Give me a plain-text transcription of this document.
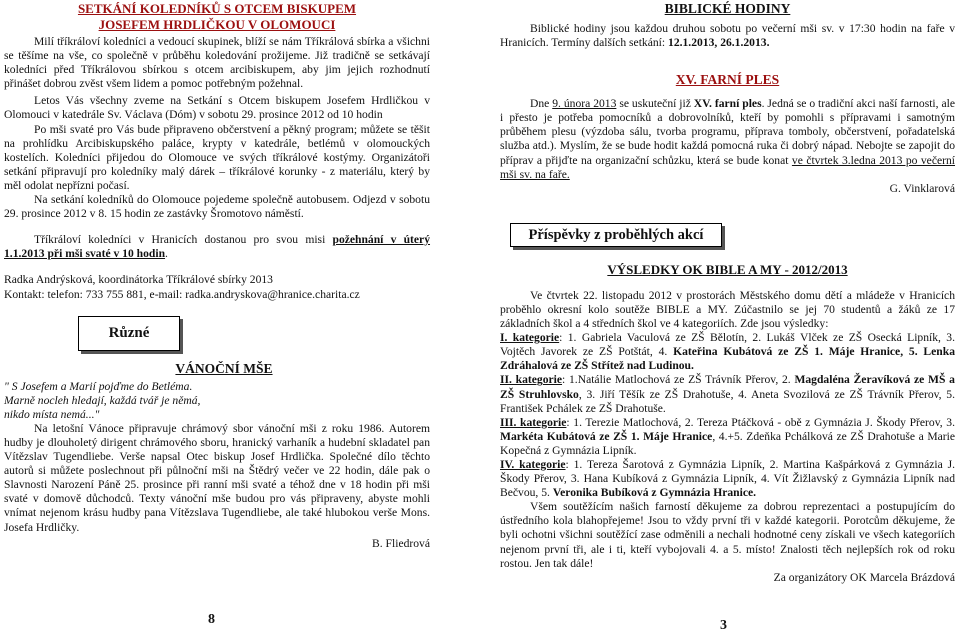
SETKÁNÍ KOLEDNÍKŮ S OTCEM BISKUPEM
JOSEFEM HRDLIČKOU V OLOMOUCI

Milí tříkráloví koledníci a vedoucí skupinek, blíží se nám Tříkrálová sbírka a všichni se těšíme na vše, co společně v průběhu koledování prožijeme. Již tradičně se setkávají koledníci před Tříkrálovou sbírkou s otcem arcibiskupem, aby jim jejich rozhodnutí přinášet dobrou zvěst všem lidem a pomoc potřebným požehnal.

Letos Vás všechny zveme na Setkání s Otcem biskupem Josefem Hrdličkou v Olomouci v katedrále Sv. Václava (Dóm) v sobotu 29. prosince 2012 od 10 hodin

Po mši svaté pro Vás bude připraveno občerstvení a pěkný program; můžete se těšit na prohlídku Arcibiskupského paláce, krypty v katedrále, betlémů v olomouckých kostelích. Koledníci přijedou do Olomouce ve svých tříkrálové kostýmy. Organizátoři setkání připravují pro koledníky malý dárek – tříkrálové korunky - z materiálu, který by měl odolat nepřízni počasí.

Na setkání koledníků do Olomouce pojedeme společně autobusem. Odjezd v sobotu 29. prosince 2012 v 8. 15 hodin ze zastávky Šromotovo náměstí.

Tříkráloví koledníci v Hranicích dostanou pro svou misi požehnání v úterý 1.1.2013 při mši svaté v 10 hodin.

Radka Andrýsková, koordinátorka Tříkrálové sbírky 2013

Kontakt: telefon: 733 755 881, e-mail: radka.andryskova@hranice.charita.cz

Různé
VÁNOČNÍ MŠE

" S Josefem a Marií pojďme do Betléma.

Marně nocleh hledají, každá tvář je němá,

nikdo místa nemá..."

Na letošní Vánoce připravuje chrámový sbor vánoční mši z roku 1986. Autorem hudby je dlouholetý dirigent chrámového sboru, hranický varhaník a hudební skladatel pan Vítězslav Tugendliebe. Verše napsal Otec biskup Josef Hrdlička. Společné dílo těchto autorů si můžete poslechnout při půlnoční mši na Štědrý večer ve 22 hodin, dále pak o Slavnosti Narození Páně 25. prosince při ranní mši svaté a téhož dne v 18 hodin při mši svaté v domově důchodců. Texty vánoční mše budou pro vás připraveny, abyste mohli vnímat nejenom krásu hudby pana Vítězslava Tugendliebe, ale také hlubokou verše Mons. Josefa Hrdličky.

B. Fliedrová

8
BIBLICKÉ HODINY

Biblické hodiny jsou každou druhou sobotu po večerní mši sv. v 17:30 hodin na faře v Hranicích. Termíny dalších setkání: 12.1.2013, 26.1.2013.

XV. FARNÍ PLES

Dne 9. února 2013 se uskuteční již XV. farní ples. Jedná se o tradiční akci naší farnosti, ale i přesto je potřeba pomocníků a dobrovolníků, kteří by pomohli s přípravami i samotným průběhem plesu (výzdoba sálu, tvorba programu, příprava tomboly, občerstvení, pořadatelská služba atd.). Myslím, že se bude hodit každá pomocná ruka či dobrý nápad. Nebojte se zapojit do příprav a přijďte na organizační schůzku, která se bude konat ve čtvrtek 3.ledna 2013 po večerní mši sv. na faře.

G. Vinklarová

Příspěvky z proběhlých akcí
VÝSLEDKY OK BIBLE A MY - 2012/2013

Ve čtvrtek 22. listopadu 2012 v prostorách Městského domu dětí a mládeže v Hranicích proběhlo okresní kolo soutěže BIBLE a MY. Zúčastnilo se jej 70 studentů a žáků ze 17 základních škol a 4 středních škol ve 4 kategoriích. Zde jsou výsledky:

I. kategorie: 1. Gabriela Vaculová ze ZŠ Bělotín, 2. Lukáš Vlček ze ZŠ Osecká Lipník, 3. Vojtěch Javorek ze ZŠ Potštát, 4. Kateřina Kubátová ze ZŠ 1. Máje Hranice, 5. Lenka Zdráhalová ze ZŠ Střítež nad Ludinou.

II. kategorie: 1.Natálie Matlochová ze ZŠ Trávník Přerov, 2. Magdaléna Žeravíková ze MŠ a ZŠ Struhlovsko, 3. Jiří Těšík ze ZŠ Drahotuše, 4. Aneta Svozilová ze ZŠ Trávník Přerov, 5. František Pchálek ze ZŠ Drahotuše.

III. kategorie: 1. Terezie Matlochová, 2. Tereza Ptáčková - obě z Gymnázia J. Škody Přerov, 3. Markéta Kubátová ze ZŠ 1. Máje Hranice, 4.+5. Zdeňka Pchálková ze ZŠ Drahotuše a Marie Kopečná z Gymnázia Lipník.

IV. kategorie: 1. Tereza Šarotová z Gymnázia Lipník, 2. Martina Kašpárková z Gymnázia J. Škody Přerov, 3. Hana Kubíková z Gymnázia Lipník, 4. Vít Žižlavský z Gymnázia Lipník nad Bečvou, 5. Veronika Bubíková z Gymnázia Hranice.

Všem soutěžícím našich farností děkujeme za dobrou reprezentaci a postupujícím do ústředního kola blahopřejeme! Jsou to vždy první tři v každé kategorii. Porotcům děkujeme, že byli ochotni všichni soutěžící zase odměnili a nechali hodnotné ceny získali ve všech kategoriích nejenom první tři, ale i ti, kteří vybojovali 4. a 5. místo! Znalosti těch nejlepších rok od roku rostou. Jen tak dále!

Za organizátory OK Marcela Brázdová

3
